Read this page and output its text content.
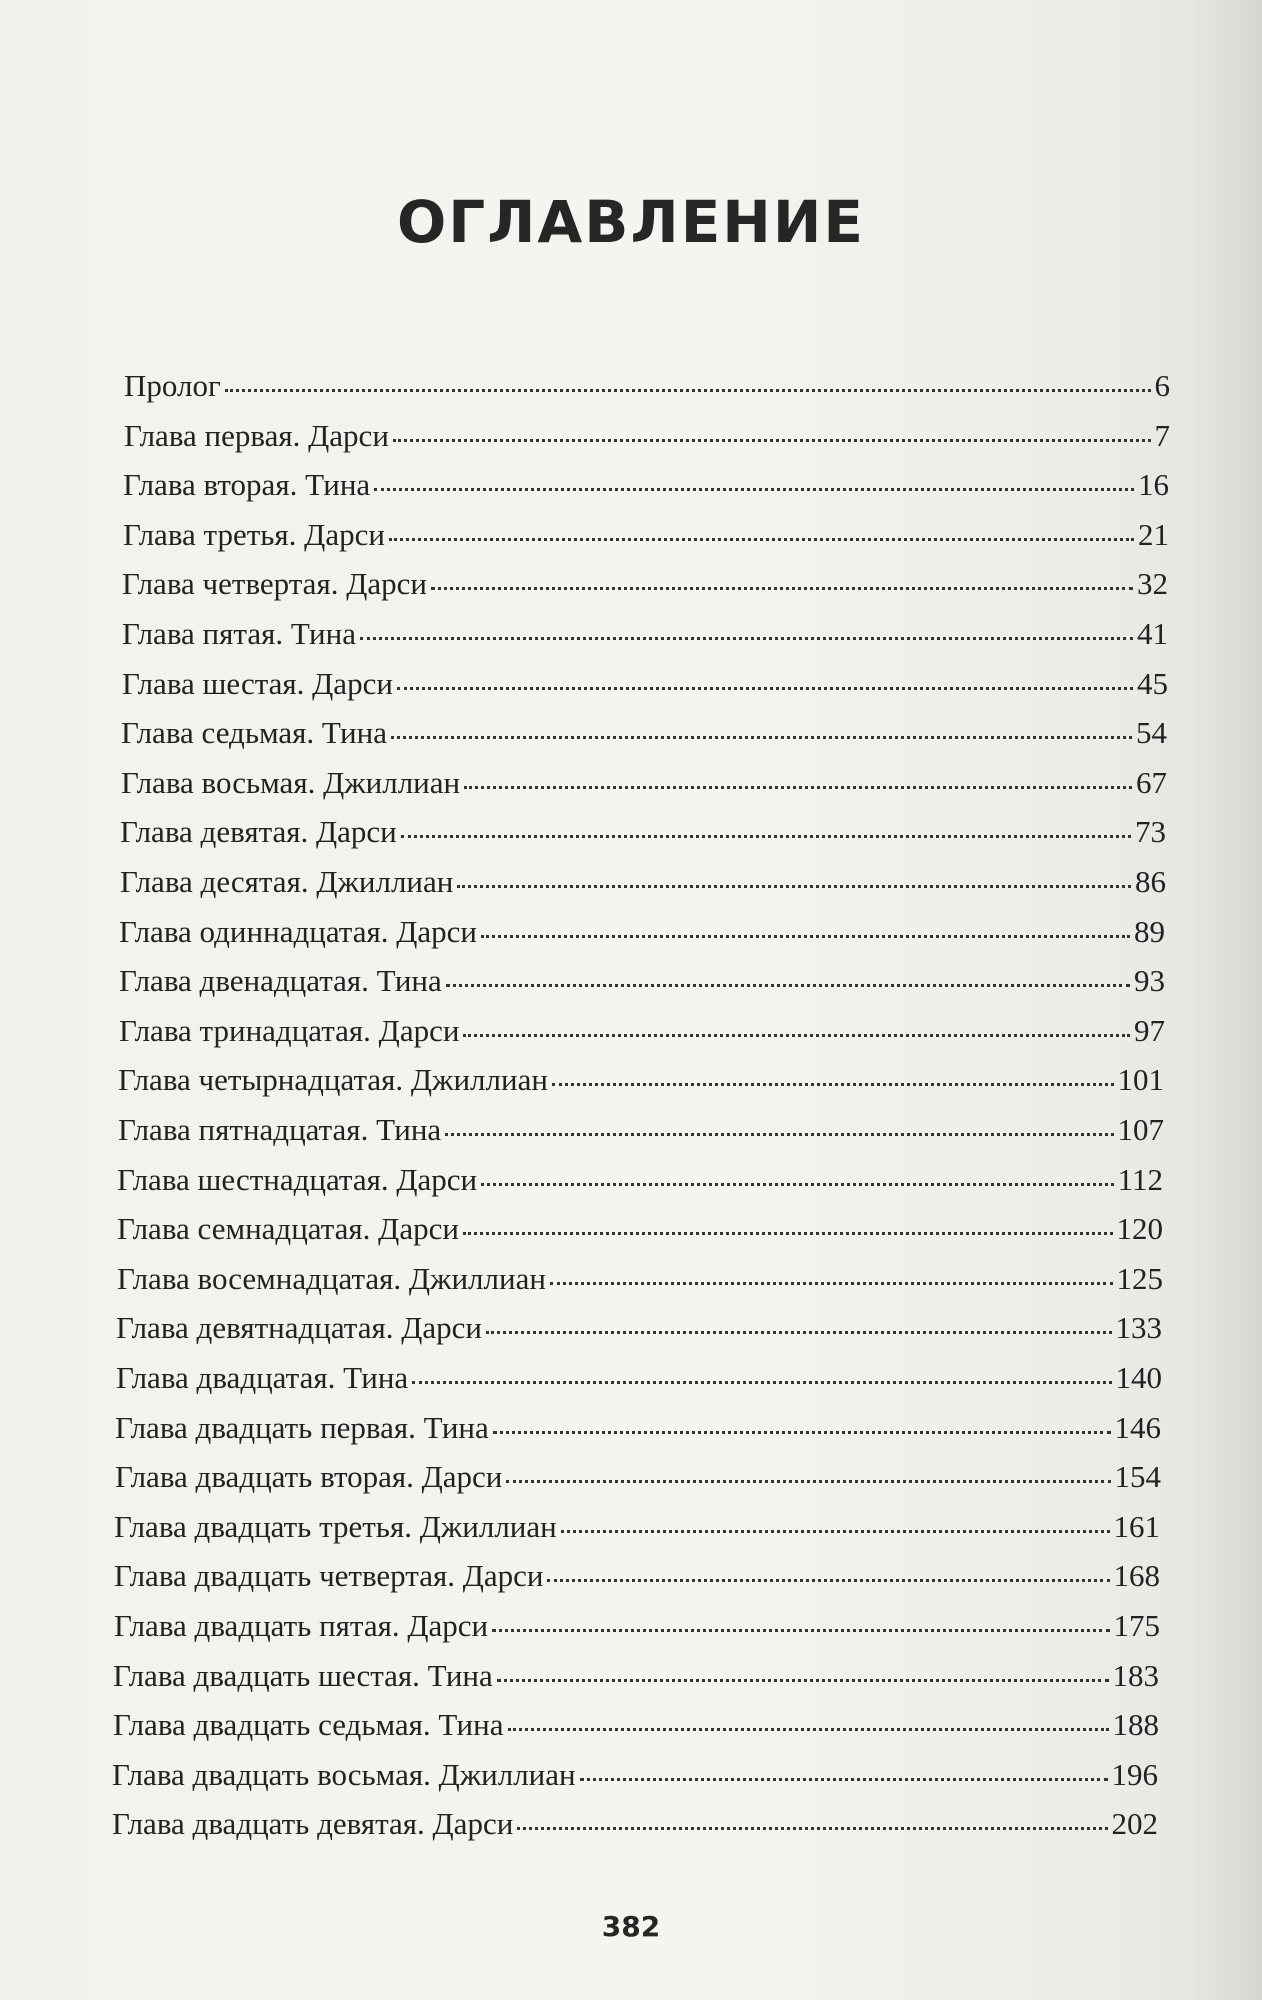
ОГЛАВЛЕНИЕ
Пролог	6
Глава первая. Дарси	7
Глава вторая. Тина	16
Глава третья. Дарси	21
Глава четвертая. Дарси	32
Глава пятая. Тина	41
Глава шестая. Дарси	45
Глава седьмая. Тина	54
Глава восьмая. Джиллиан	67
Глава девятая. Дарси	73
Глава десятая. Джиллиан	86
Глава одиннадцатая. Дарси	89
Глава двенадцатая. Тина	93
Глава тринадцатая. Дарси	97
Глава четырнадцатая. Джиллиан	101
Глава пятнадцатая. Тина	107
Глава шестнадцатая. Дарси	112
Глава семнадцатая. Дарси	120
Глава восемнадцатая. Джиллиан	125
Глава девятнадцатая. Дарси	133
Глава двадцатая. Тина	140
Глава двадцать первая. Тина	146
Глава двадцать вторая. Дарси	154
Глава двадцать третья. Джиллиан	161
Глава двадцать четвертая. Дарси	168
Глава двадцать пятая. Дарси	175
Глава двадцать шестая. Тина	183
Глава двадцать седьмая. Тина	188
Глава двадцать восьмая. Джиллиан	196
Глава двадцать девятая. Дарси	202
382
